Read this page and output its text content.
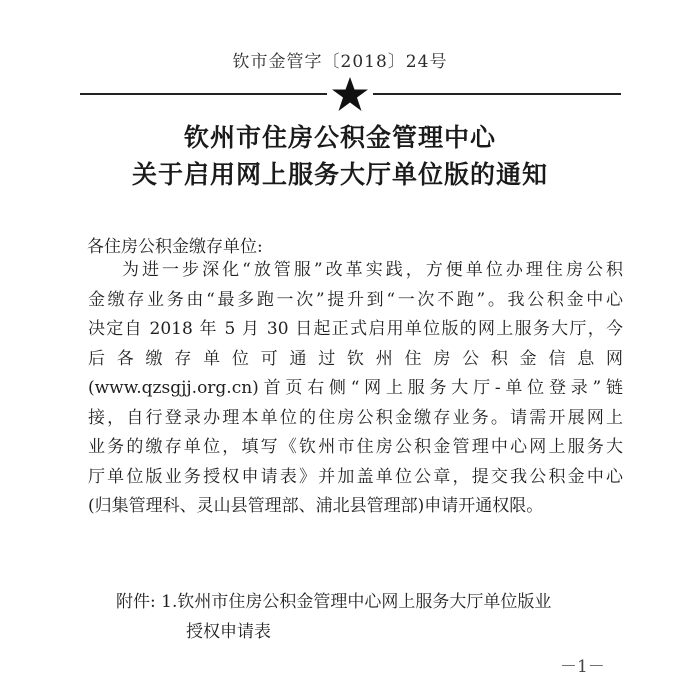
钦市金管字〔2018〕24号
钦州市住房公积金管理中心
关于启用网上服务大厅单位版的通知
各住房公积金缴存单位:
为进一步深化“放管服”改革实践，方便单位办理住房公积
金缴存业务由“最多跑一次”提升到“一次不跑”。我公积金中心
决定自 2018 年 5 月 30 日起正式启用单位版的网上服务大厅，今
后各缴存单位可通过钦州住房公积金信息网
(www.qzsgjj.org.cn)首页右侧“网上服务大厅-单位登录”链
接，自行登录办理本单位的住房公积金缴存业务。请需开展网上
业务的缴存单位，填写《钦州市住房公积金管理中心网上服务大
厅单位版业务授权申请表》并加盖单位公章，提交我公积金中心
(归集管理科、灵山县管理部、浦北县管理部)申请开通权限。
附件: 1.钦州市住房公积金管理中心网上服务大厅单位版业
授权申请表
－1－
